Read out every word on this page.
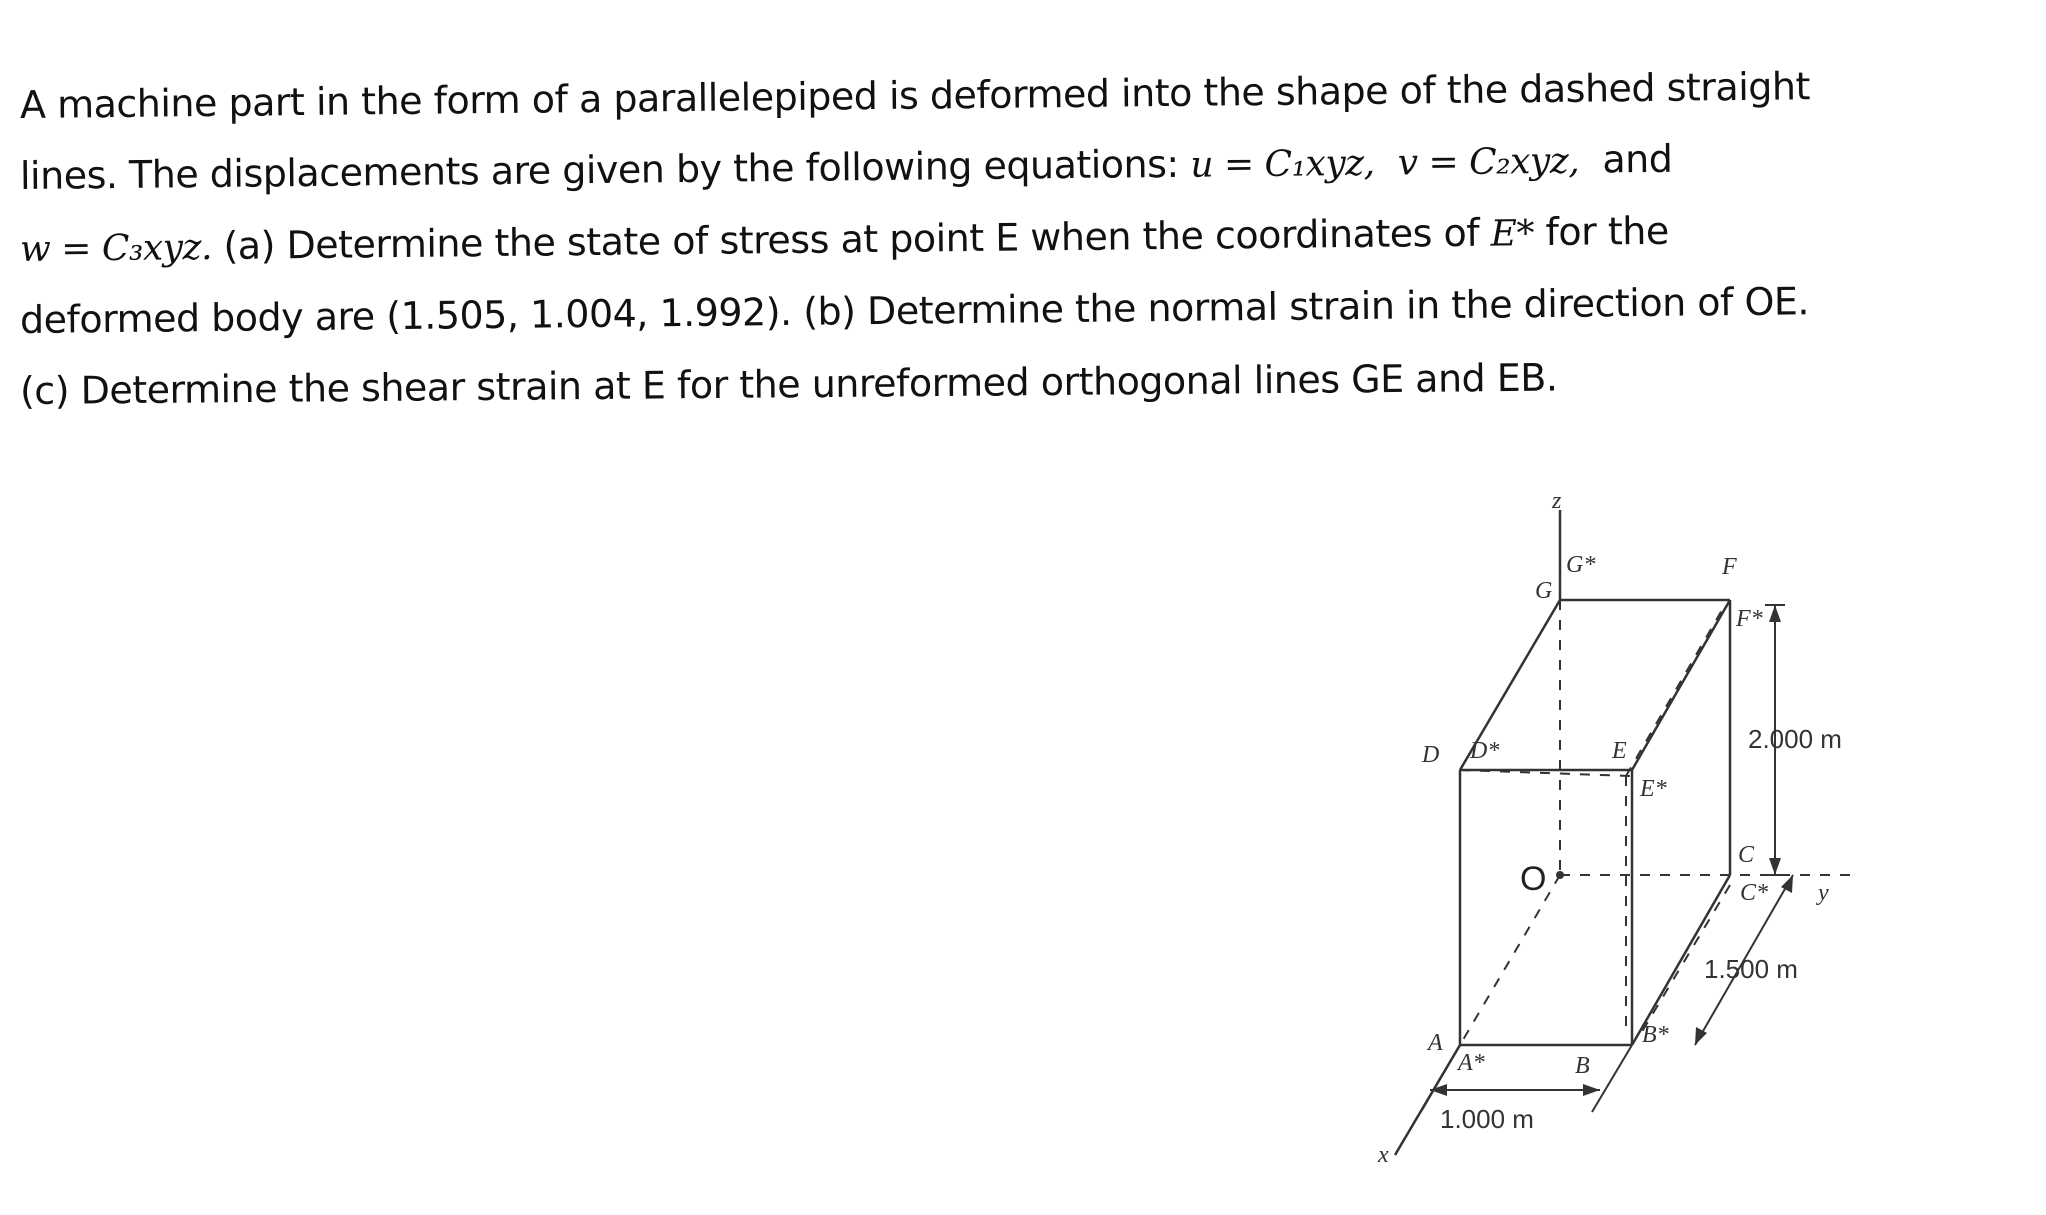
A machine part in the form of a parallelepiped is deformed into the shape of the dashed straight
lines. The displacements are given by the following equations: u = C₁xyz, v = C₂xyz, and
w = C₃xyz. (a) Determine the state of stress at point E when the coordinates of E* for the
deformed body are (1.505, 1.004, 1.992). (b) Determine the normal strain in the direction of OE.
(c) Determine the shear strain at E for the unreformed orthogonal lines GE and EB.
z
G
G*	F
F*
D D*	E
E*
O
C
C* y
A
A*	B
B*
x
2.000 m
1.500 m
1.000 m
